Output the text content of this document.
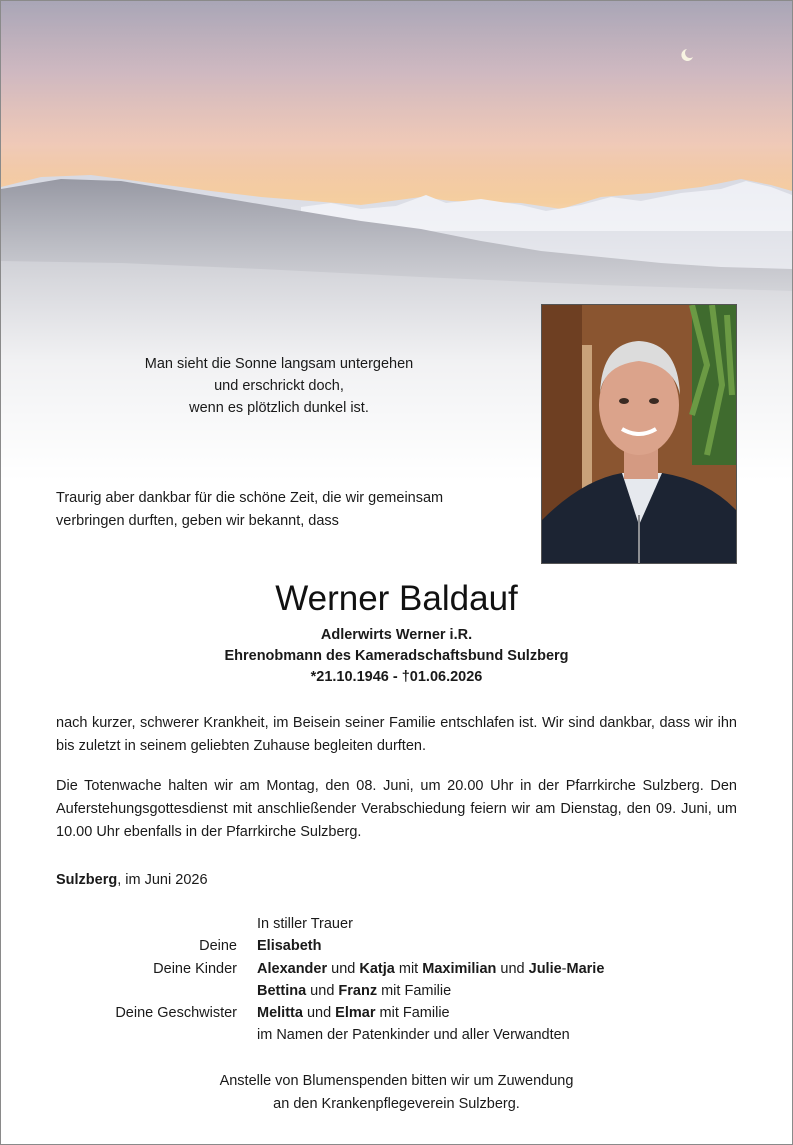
Man sieht die Sonne langsam untergehen
und erschrickt doch,
wenn es plötzlich dunkel ist.
Traurig aber dankbar für die schöne Zeit, die wir gemeinsam
verbringen durften, geben wir bekannt, dass
Werner Baldauf
Adlerwirts Werner i.R.
Ehrenobmann des Kameradschaftsbund Sulzberg
*21.10.1946 - †01.06.2026
nach kurzer, schwerer Krankheit, im Beisein seiner Familie entschlafen ist. Wir sind dankbar, dass wir ihn bis zuletzt in seinem geliebten Zuhause begleiten durften.
Die Totenwache halten wir am Montag, den 08. Juni, um 20.00 Uhr in der Pfarrkirche Sulzberg. Den Auferstehungsgottesdienst mit anschließender Verabschiedung feiern wir am Dienstag, den 09. Juni, um 10.00 Uhr ebenfalls in der Pfarrkirche Sulzberg.
Sulzberg, im Juni 2026
In stiller Trauer
Deine Elisabeth
Deine Kinder Alexander und Katja mit Maximilian und Julie-Marie
Bettina und Franz mit Familie
Deine Geschwister Melitta und Elmar mit Familie
im Namen der Patenkinder und aller Verwandten
Anstelle von Blumenspenden bitten wir um Zuwendung
an den Krankenpflegeverein Sulzberg.
